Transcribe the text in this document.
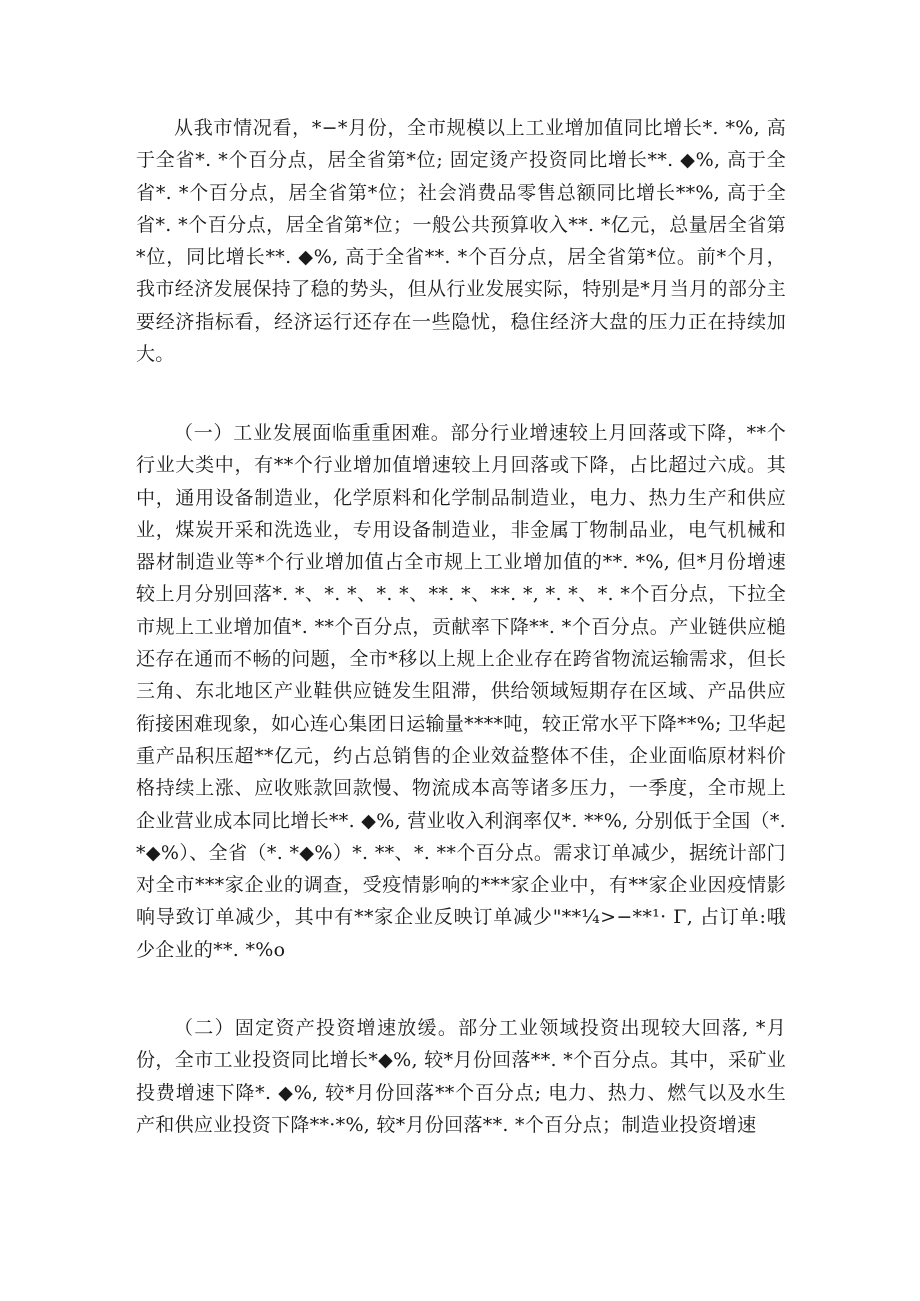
从我市情况看，*−*月份，全市规模以上工业增加值同比增长*. *%, 高于全省*. *个百分点，居全省第*位; 固定烫产投资同比增长**. ◆%, 高于全省*. *个百分点，居全省第*位；社会消费品零售总额同比增长**%, 高于全省*. *个百分点，居全省第*位；一般公共预算收入**. *亿元，总量居全省第*位，同比增长**. ◆%, 高于全省**. *个百分点，居全省第*位。前*个月，我市经济发展保持了稳的势头，但从行业发展实际，特别是*月当月的部分主要经济指标看，经济运行还存在一些隐忧，稳住经济大盘的压力正在持续加大。

（一）工业发展面临重重困难。部分行业增速较上月回落或下降，**个行业大类中，有**个行业增加值增速较上月回落或下降，占比超过六成。其中，通用设备制造业，化学原料和化学制品制造业，电力、热力生产和供应业，煤炭开采和洗选业，专用设备制造业，非金属丁物制品业，电气机械和器材制造业等*个行业增加值占全市规上工业增加值的**. *%, 但*月份增速较上月分别回落*. *、*. *、*. *、**. *、**. *, *. *、*. *个百分点，下拉全市规上工业增加值*. **个百分点，贡献率下降**. *个百分点。产业链供应槌还存在通而不畅的问题，全市*移以上规上企业存在跨省物流运输需求，但长三角、东北地区产业鞋供应链发生阻滞，供给领域短期存在区域、产品供应衔接困难现象，如心连心集团日运输量****吨，较正常水平下降**%; 卫华起重产品积压超**亿元，约占总销售的企业效益整体不佳，企业面临原材料价格持续上涨、应收账款回款慢、物流成本高等诸多压力，一季度，全市规上企业营业成本同比增长**. ◆%, 营业收入利润率仅*. **%, 分别低于全国（*. *◆%）、全省（*. *◆%）*. **、*. **个百分点。需求订单减少，据统计部门对全市***家企业的调查，受疫情影响的***家企业中，有**家企业因疫情影响导致订单减少，其中有**家企业反映订单减少"**¼>−**¹· Γ, 占订单:哦少企业的**. *%o

（二）固定资产投资增速放缓。部分工业领域投资出现较大回落, *月份，全市工业投资同比增长*◆%, 较*月份回落**. *个百分点。其中，采矿业投费增速下降*. ◆%, 较*月份回落**个百分点; 电力、热力、燃气以及水生产和供应业投资下降**·*%, 较*月份回落**. *个百分点；制造业投资增速
